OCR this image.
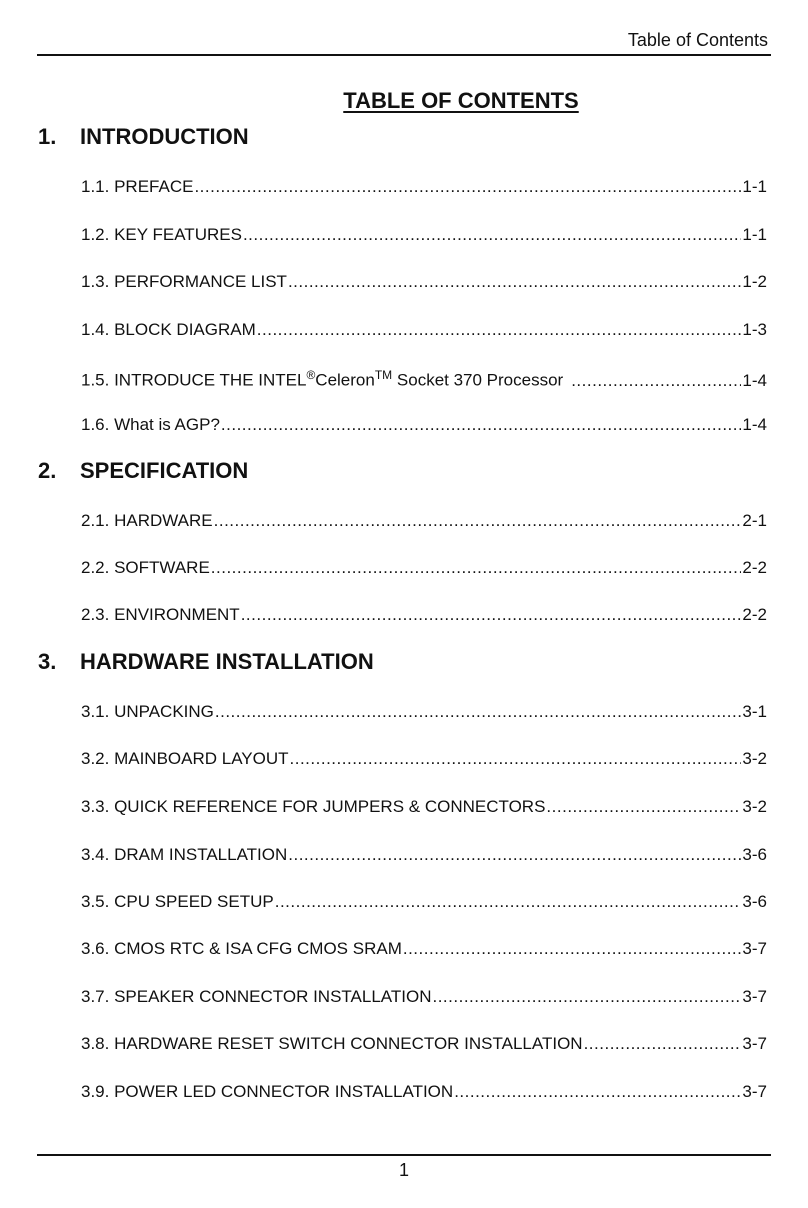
Table of Contents
TABLE OF CONTENTS
1. INTRODUCTION
1.1. PREFACE .....	1-1
1.2. KEY FEATURES .....	1-1
1.3. PERFORMANCE LIST .....	1-2
1.4. BLOCK DIAGRAM .....	1-3
1.5. INTRODUCE THE INTEL®Celeron™ Socket 370 Processor .....	1-4
1.6. What is AGP? .....	1-4
2. SPECIFICATION
2.1. HARDWARE .....	2-1
2.2. SOFTWARE .....	2-2
2.3. ENVIRONMENT .....	2-2
3. HARDWARE INSTALLATION
3.1. UNPACKING .....	3-1
3.2. MAINBOARD LAYOUT .....	3-2
3.3. QUICK REFERENCE FOR JUMPERS & CONNECTORS .....	3-2
3.4. DRAM INSTALLATION .....	3-6
3.5. CPU SPEED SETUP .....	3-6
3.6. CMOS RTC & ISA CFG CMOS SRAM .....	3-7
3.7. SPEAKER CONNECTOR INSTALLATION .....	3-7
3.8. HARDWARE RESET SWITCH CONNECTOR INSTALLATION .....	3-7
3.9. POWER LED CONNECTOR INSTALLATION .....	3-7
1
